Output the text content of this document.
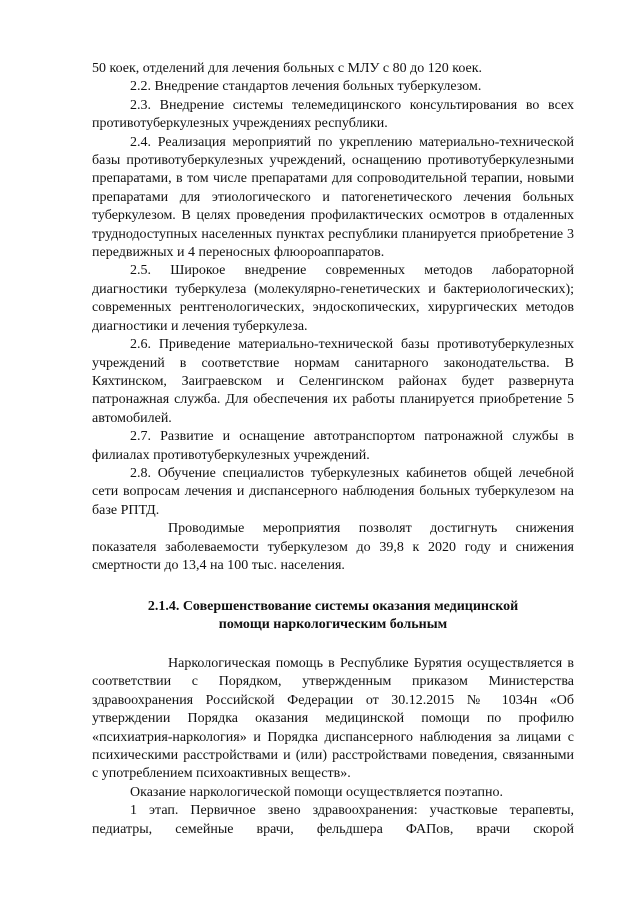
50 коек, отделений для лечения больных с МЛУ с 80 до 120 коек.

2.2. Внедрение стандартов лечения больных туберкулезом.

2.3. Внедрение системы телемедицинского консультирования во всех противотуберкулезных учреждениях республики.

2.4. Реализация мероприятий по укреплению материально-технической базы противотуберкулезных учреждений, оснащению противотуберкулезными препаратами, в том числе препаратами для сопроводительной терапии, новыми препаратами для этиологического и патогенетического лечения больных туберкулезом. В целях проведения профилактических осмотров в отдаленных труднодоступных населенных пунктах республики планируется приобретение 3 передвижных и 4 переносных флюороаппаратов.

2.5. Широкое внедрение современных методов лабораторной диагностики туберкулеза (молекулярно-генетических и бактериологических); современных рентгенологических, эндоскопических, хирургических методов диагностики и лечения туберкулеза.

2.6. Приведение материально-технической базы противотуберкулезных учреждений в соответствие нормам санитарного законодательства. В Кяхтинском, Заиграевском и Селенгинском районах будет развернута патронажная служба. Для обеспечения их работы планируется приобретение 5 автомобилей.

2.7. Развитие и оснащение автотранспортом патронажной службы в филиалах противотуберкулезных учреждений.

2.8. Обучение специалистов туберкулезных кабинетов общей лечебной сети вопросам лечения и диспансерного наблюдения больных туберкулезом на базе РПТД.

Проводимые мероприятия позволят достигнуть снижения показателя заболеваемости туберкулезом до 39,8 к 2020 году и снижения смертности до 13,4 на 100 тыс. населения.

2.1.4. Совершенствование системы оказания медицинской
помощи наркологическим больным

Наркологическая помощь в Республике Бурятия осуществляется в соответствии с Порядком, утвержденным приказом Министерства здравоохранения Российской Федерации от 30.12.2015 № 1034н «Об утверждении Порядка оказания медицинской помощи по профилю «психиатрия-наркология» и Порядка диспансерного наблюдения за лицами с психическими расстройствами и (или) расстройствами поведения, связанными с употреблением психоактивных веществ».

Оказание наркологической помощи осуществляется поэтапно.

1 этап. Первичное звено здравоохранения: участковые терапевты, педиатры, семейные врачи, фельдшера ФАПов, врачи скорой
